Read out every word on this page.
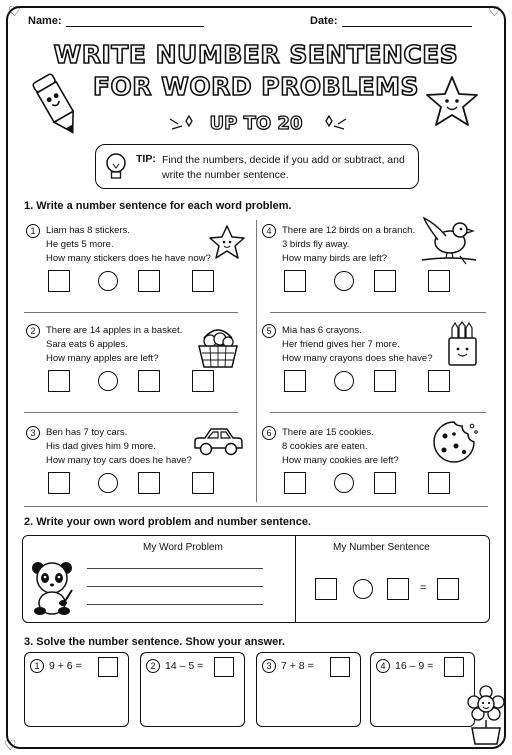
♡	♡
♡
Name:	Date:
WRITE NUMBER SENTENCES
FOR WORD PROBLEMS
UP TO 20
TIP: Find the numbers, decide if you add or subtract, and write the number sentence.
1. Write a number sentence for each word problem.
1	Liam has 8 stickers.
He gets 5 more.
How many stickers does he have now?
2	There are 14 apples in a basket.
Sara eats 6 apples.
How many apples are left?
3	Ben has 7 toy cars.
His dad gives him 9 more.
How many toy cars does he have?
4	There are 12 birds on a branch.
3 birds fly away.
How many birds are left?
5	Mia has 6 crayons.
Her friend gives her 7 more.
How many crayons does she have?
6	There are 15 cookies.
8 cookies are eaten.
How many cookies are left?
2. Write your own word problem and number sentence.
My Word Problem	My Number Sentence
=
3. Solve the number sentence. Show your answer.
1 9 + 6 =	2 14 – 5 =	3 7 + 8 =	4 16 – 9 =
